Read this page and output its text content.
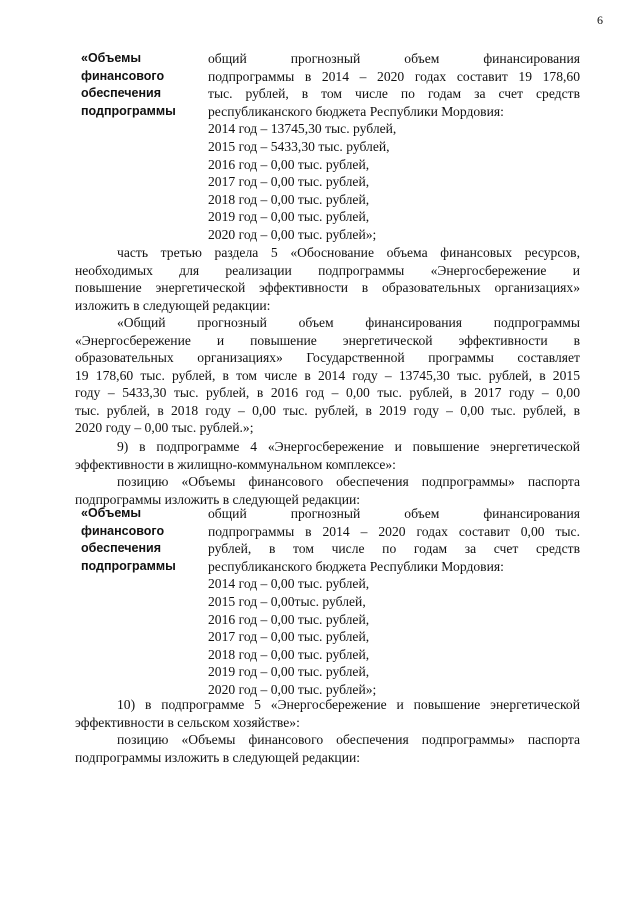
6
«Объемы
финансового
обеспечения
подпрограммы
общий прогнозный объем финансирования
подпрограммы в 2014 – 2020 годах составит 19 178,60
тыс. рублей, в том числе по годам за счет средств
республиканского бюджета Республики Мордовия:
2014 год – 13745,30 тыс. рублей,
2015 год – 5433,30 тыс. рублей,
2016 год – 0,00 тыс. рублей,
2017 год – 0,00 тыс. рублей,
2018 год – 0,00 тыс. рублей,
2019 год – 0,00 тыс. рублей,
2020 год – 0,00 тыс. рублей»;
часть третью раздела 5 «Обоснование объема финансовых ресурсов,
необходимых для реализации подпрограммы «Энергосбережение и
повышение энергетической эффективности в образовательных организациях»
изложить в следующей редакции:
«Общий прогнозный объем финансирования подпрограммы
«Энергосбережение и повышение энергетической эффективности в
образовательных организациях» Государственной программы составляет
19 178,60 тыс. рублей, в том числе в 2014 году – 13745,30 тыс. рублей, в 2015
году – 5433,30 тыс. рублей, в 2016 год – 0,00 тыс. рублей, в 2017 году – 0,00
тыс. рублей, в 2018 году – 0,00 тыс. рублей, в 2019 году – 0,00 тыс. рублей, в
2020 году – 0,00 тыс. рублей.»;
9) в подпрограмме 4 «Энергосбережение и повышение энергетической
эффективности в жилищно-коммунальном комплексе»:
позицию «Объемы финансового обеспечения подпрограммы» паспорта
подпрограммы изложить в следующей редакции:
«Объемы
финансового
обеспечения
подпрограммы
общий прогнозный объем финансирования
подпрограммы в 2014 – 2020 годах составит 0,00 тыс.
рублей, в том числе по годам за счет средств
республиканского бюджета Республики Мордовия:
2014 год – 0,00 тыс. рублей,
2015 год – 0,00тыс. рублей,
2016 год – 0,00 тыс. рублей,
2017 год – 0,00 тыс. рублей,
2018 год – 0,00 тыс. рублей,
2019 год – 0,00 тыс. рублей,
2020 год – 0,00 тыс. рублей»;
10) в подпрограмме 5 «Энергосбережение и повышение энергетической
эффективности в сельском хозяйстве»:
позицию «Объемы финансового обеспечения подпрограммы» паспорта
подпрограммы изложить в следующей редакции:
